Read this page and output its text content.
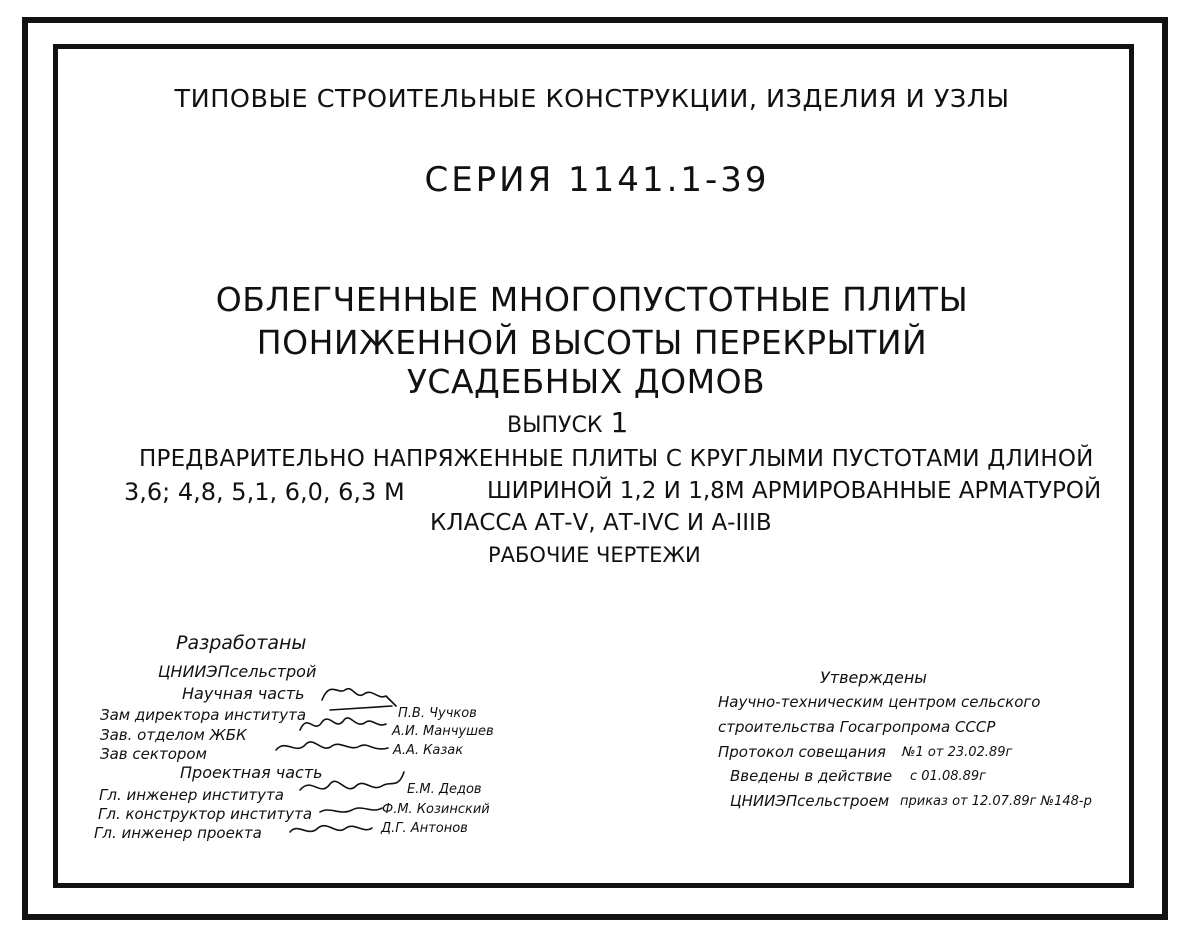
ТИПОВЫЕ СТРОИТЕЛЬНЫЕ КОНСТРУКЦИИ, ИЗДЕЛИЯ И УЗЛЫ
СЕРИЯ 1141.1-39
ОБЛЕГЧЕННЫЕ МНОГОПУСТОТНЫЕ ПЛИТЫ
ПОНИЖЕННОЙ ВЫСОТЫ ПЕРЕКРЫТИЙ
УСАДЕБНЫХ ДОМОВ
ВЫПУСК 1
ПРЕДВАРИТЕЛЬНО НАПРЯЖЕННЫЕ ПЛИТЫ С КРУГЛЫМИ ПУСТОТАМИ ДЛИНОЙ
3,6; 4,8, 5,1, 6,0, 6,3 М	ШИРИНОЙ 1,2 И 1,8М АРМИРОВАННЫЕ АРМАТУРОЙ
КЛАССА АТ-V, АТ-IVС И А-IIIВ
РАБОЧИЕ ЧЕРТЕЖИ
Разработаны
ЦНИИЭПсельстрой
Научная часть
Зам директора института	П.В. Чучков
Зав. отделом ЖБК	А.И. Манчушев
Зав сектором	А.А. Казак
Проектная часть
Гл. инженер института	Е.М. Дедов
Гл. конструктор института	Ф.М. Козинский
Гл. инженер проекта	Д.Г. Антонов
Утверждены
Научно-техническим центром сельского
строительства Госагропрома СССР
Протокол совещания №1 от 23.02.89г
Введены в действие с 01.08.89г
ЦНИИЭПсельстроем приказ от 12.07.89г №148-р
